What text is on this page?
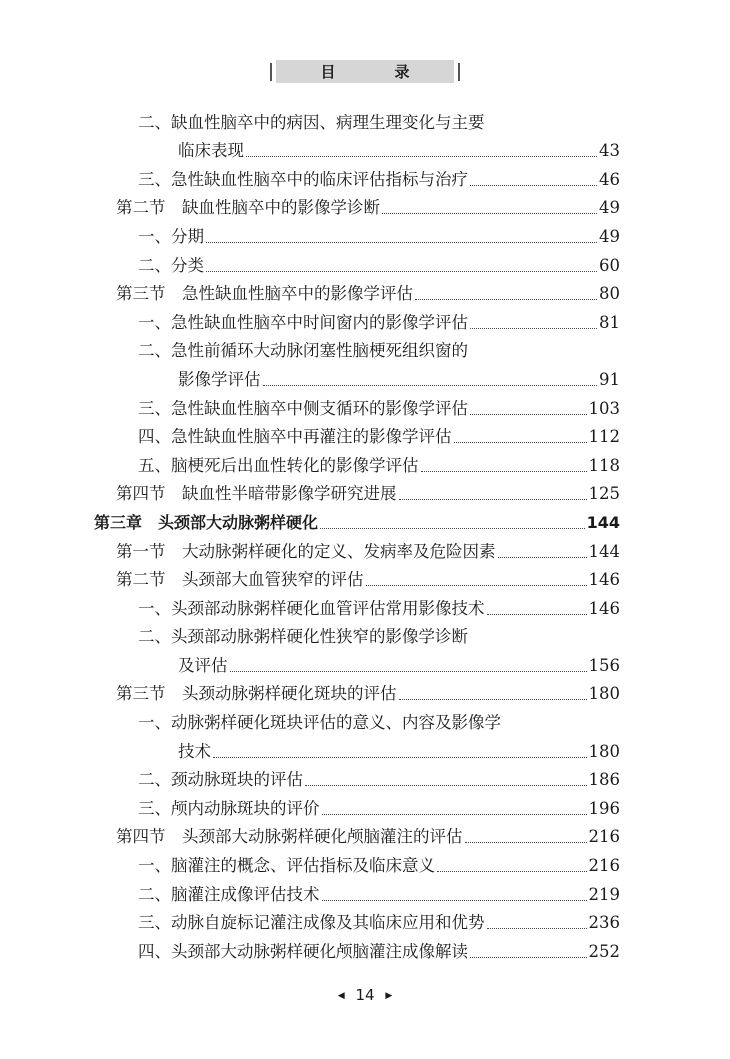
目　录
二、缺血性脑卒中的病因、病理生理变化与主要
临床表现	43
三、急性缺血性脑卒中的临床评估指标与治疗	46
第二节　缺血性脑卒中的影像学诊断	49
一、分期	49
二、分类	60
第三节　急性缺血性脑卒中的影像学评估	80
一、急性缺血性脑卒中时间窗内的影像学评估	81
二、急性前循环大动脉闭塞性脑梗死组织窗的
影像学评估	91
三、急性缺血性脑卒中侧支循环的影像学评估	103
四、急性缺血性脑卒中再灌注的影像学评估	112
五、脑梗死后出血性转化的影像学评估	118
第四节　缺血性半暗带影像学研究进展	125
第三章　头颈部大动脉粥样硬化	144
第一节　大动脉粥样硬化的定义、发病率及危险因素	144
第二节　头颈部大血管狭窄的评估	146
一、头颈部动脉粥样硬化血管评估常用影像技术	146
二、头颈部动脉粥样硬化性狭窄的影像学诊断
及评估	156
第三节　头颈动脉粥样硬化斑块的评估	180
一、动脉粥样硬化斑块评估的意义、内容及影像学
技术	180
二、颈动脉斑块的评估	186
三、颅内动脉斑块的评价	196
第四节　头颈部大动脉粥样硬化颅脑灌注的评估	216
一、脑灌注的概念、评估指标及临床意义	216
二、脑灌注成像评估技术	219
三、动脉自旋标记灌注成像及其临床应用和优势	236
四、头颈部大动脉粥样硬化颅脑灌注成像解读	252
◀ 14 ▶
